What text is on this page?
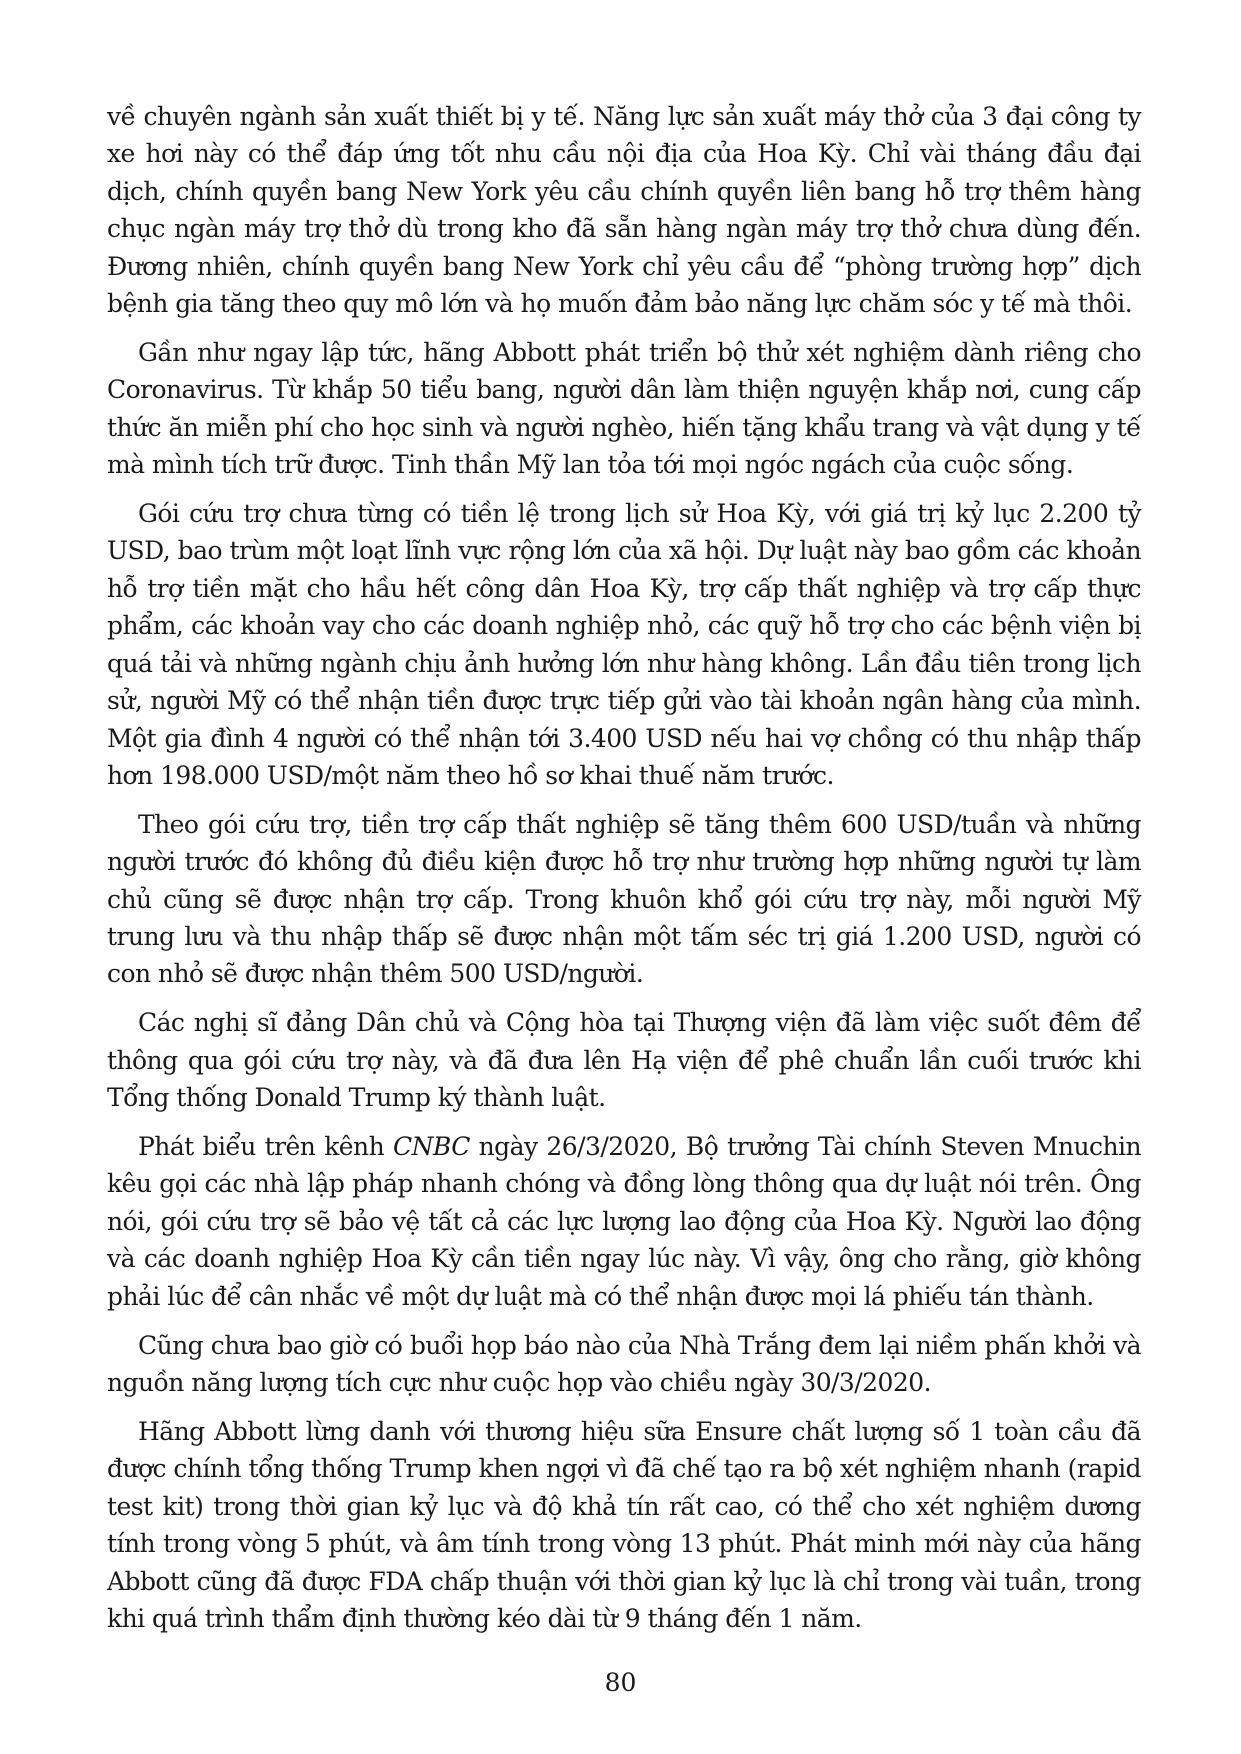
về chuyên ngành sản xuất thiết bị y tế. Năng lực sản xuất máy thở của 3 đại công ty xe hơi này có thể đáp ứng tốt nhu cầu nội địa của Hoa Kỳ. Chỉ vài tháng đầu đại dịch, chính quyền bang New York yêu cầu chính quyền liên bang hỗ trợ thêm hàng chục ngàn máy trợ thở dù trong kho đã sẵn hàng ngàn máy trợ thở chưa dùng đến. Đương nhiên, chính quyền bang New York chỉ yêu cầu để “phòng trường hợp” dịch bệnh gia tăng theo quy mô lớn và họ muốn đảm bảo năng lực chăm sóc y tế mà thôi.

Gần như ngay lập tức, hãng Abbott phát triển bộ thử xét nghiệm dành riêng cho Coronavirus. Từ khắp 50 tiểu bang, người dân làm thiện nguyện khắp nơi, cung cấp thức ăn miễn phí cho học sinh và người nghèo, hiến tặng khẩu trang và vật dụng y tế mà mình tích trữ được. Tinh thần Mỹ lan tỏa tới mọi ngóc ngách của cuộc sống.

Gói cứu trợ chưa từng có tiền lệ trong lịch sử Hoa Kỳ, với giá trị kỷ lục 2.200 tỷ USD, bao trùm một loạt lĩnh vực rộng lớn của xã hội. Dự luật này bao gồm các khoản hỗ trợ tiền mặt cho hầu hết công dân Hoa Kỳ, trợ cấp thất nghiệp và trợ cấp thực phẩm, các khoản vay cho các doanh nghiệp nhỏ, các quỹ hỗ trợ cho các bệnh viện bị quá tải và những ngành chịu ảnh hưởng lớn như hàng không. Lần đầu tiên trong lịch sử, người Mỹ có thể nhận tiền được trực tiếp gửi vào tài khoản ngân hàng của mình. Một gia đình 4 người có thể nhận tới 3.400 USD nếu hai vợ chồng có thu nhập thấp hơn 198.000 USD/một năm theo hồ sơ khai thuế năm trước.

Theo gói cứu trợ, tiền trợ cấp thất nghiệp sẽ tăng thêm 600 USD/tuần và những người trước đó không đủ điều kiện được hỗ trợ như trường hợp những người tự làm chủ cũng sẽ được nhận trợ cấp. Trong khuôn khổ gói cứu trợ này, mỗi người Mỹ trung lưu và thu nhập thấp sẽ được nhận một tấm séc trị giá 1.200 USD, người có con nhỏ sẽ được nhận thêm 500 USD/người.

Các nghị sĩ đảng Dân chủ và Cộng hòa tại Thượng viện đã làm việc suốt đêm để thông qua gói cứu trợ này, và đã đưa lên Hạ viện để phê chuẩn lần cuối trước khi Tổng thống Donald Trump ký thành luật.

Phát biểu trên kênh CNBC ngày 26/3/2020, Bộ trưởng Tài chính Steven Mnuchin kêu gọi các nhà lập pháp nhanh chóng và đồng lòng thông qua dự luật nói trên. Ông nói, gói cứu trợ sẽ bảo vệ tất cả các lực lượng lao động của Hoa Kỳ. Người lao động và các doanh nghiệp Hoa Kỳ cần tiền ngay lúc này. Vì vậy, ông cho rằng, giờ không phải lúc để cân nhắc về một dự luật mà có thể nhận được mọi lá phiếu tán thành.

Cũng chưa bao giờ có buổi họp báo nào của Nhà Trắng đem lại niềm phấn khởi và nguồn năng lượng tích cực như cuộc họp vào chiều ngày 30/3/2020.

Hãng Abbott lừng danh với thương hiệu sữa Ensure chất lượng số 1 toàn cầu đã được chính tổng thống Trump khen ngợi vì đã chế tạo ra bộ xét nghiệm nhanh (rapid test kit) trong thời gian kỷ lục và độ khả tín rất cao, có thể cho xét nghiệm dương tính trong vòng 5 phút, và âm tính trong vòng 13 phút. Phát minh mới này của hãng Abbott cũng đã được FDA chấp thuận với thời gian kỷ lục là chỉ trong vài tuần, trong khi quá trình thẩm định thường kéo dài từ 9 tháng đến 1 năm.

80
